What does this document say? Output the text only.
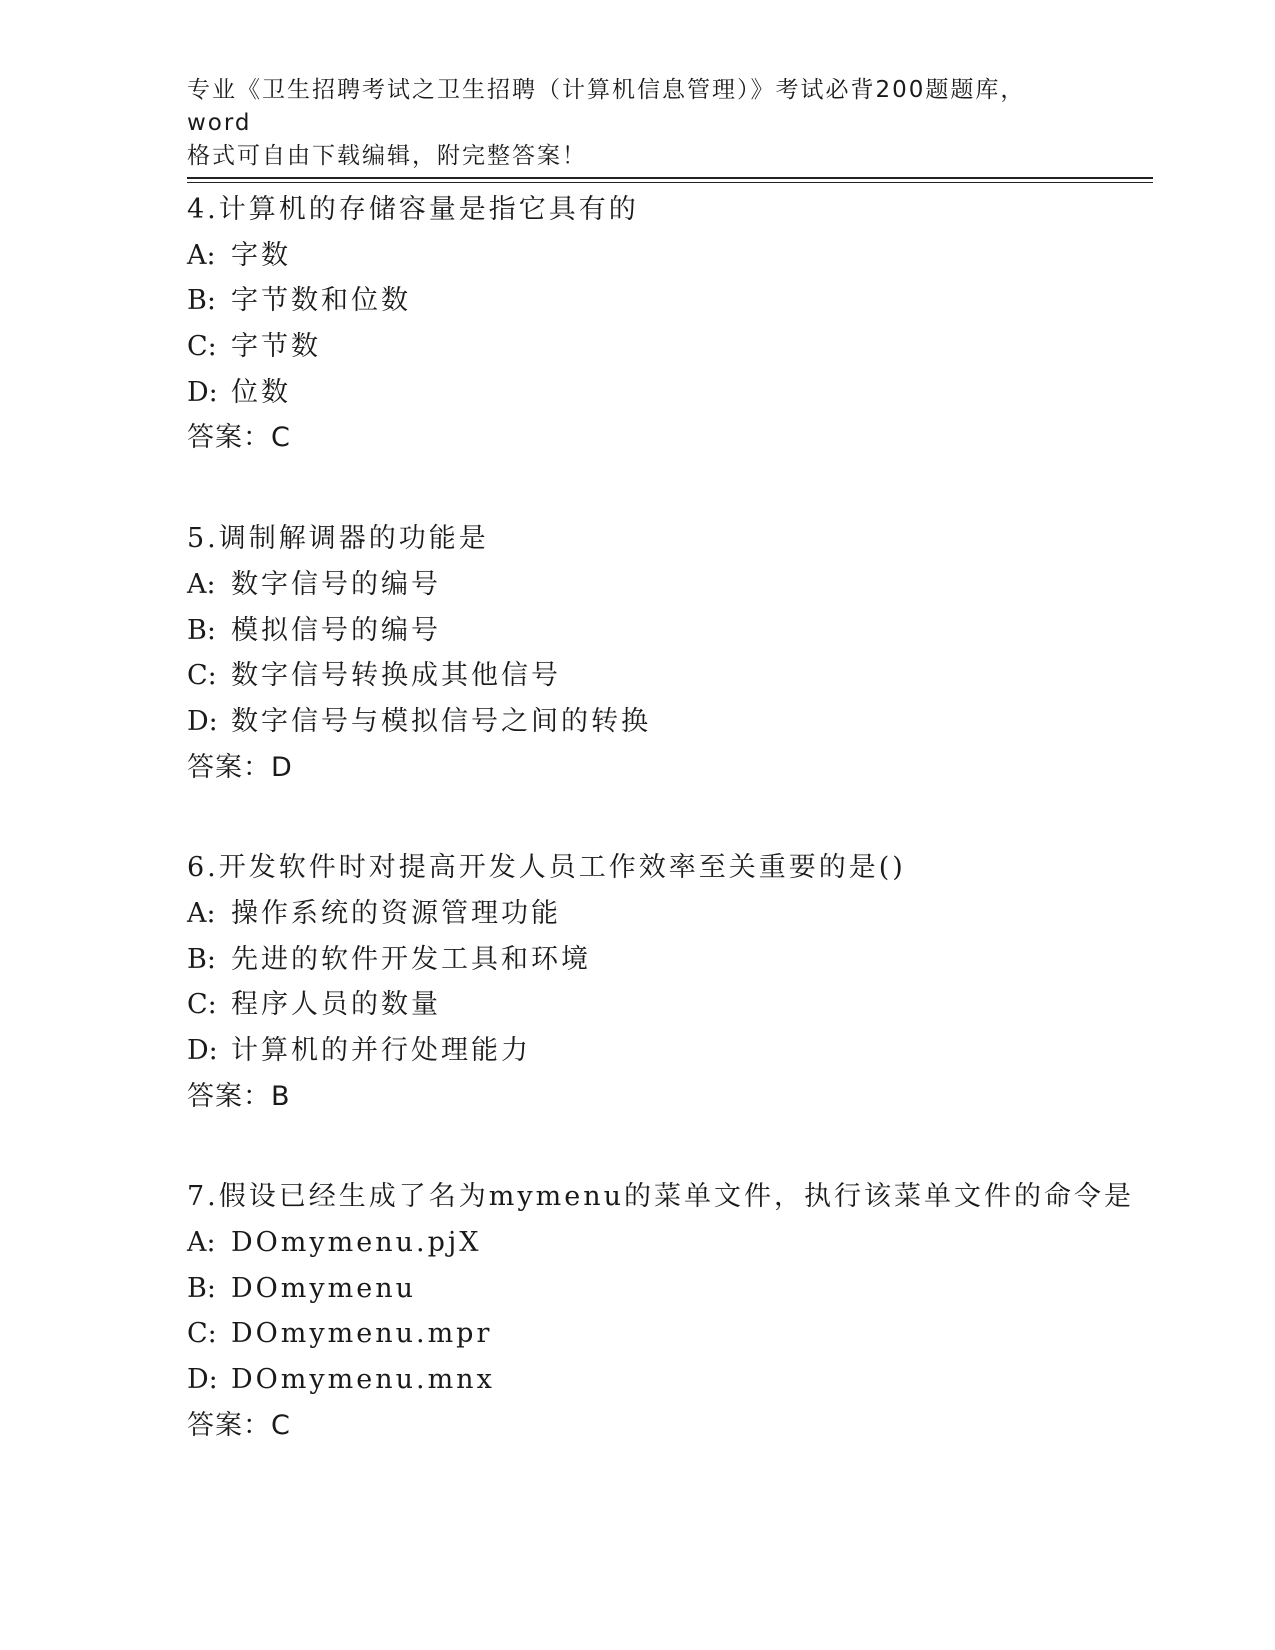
专业《卫生招聘考试之卫生招聘（计算机信息管理）》考试必背200题题库，word
格式可自由下载编辑，附完整答案！
4.计算机的存储容量是指它具有的
A: 字数
B: 字节数和位数
C: 字节数
D: 位数
答案：C
5.调制解调器的功能是
A: 数字信号的编号
B: 模拟信号的编号
C: 数字信号转换成其他信号
D: 数字信号与模拟信号之间的转换
答案：D
6.开发软件时对提高开发人员工作效率至关重要的是()
A: 操作系统的资源管理功能
B: 先进的软件开发工具和环境
C: 程序人员的数量
D: 计算机的并行处理能力
答案：B
7.假设已经生成了名为mymenu的菜单文件，执行该菜单文件的命令是
A: DOmymenu.pjX
B: DOmymenu
C: DOmymenu.mpr
D: DOmymenu.mnx
答案：C
